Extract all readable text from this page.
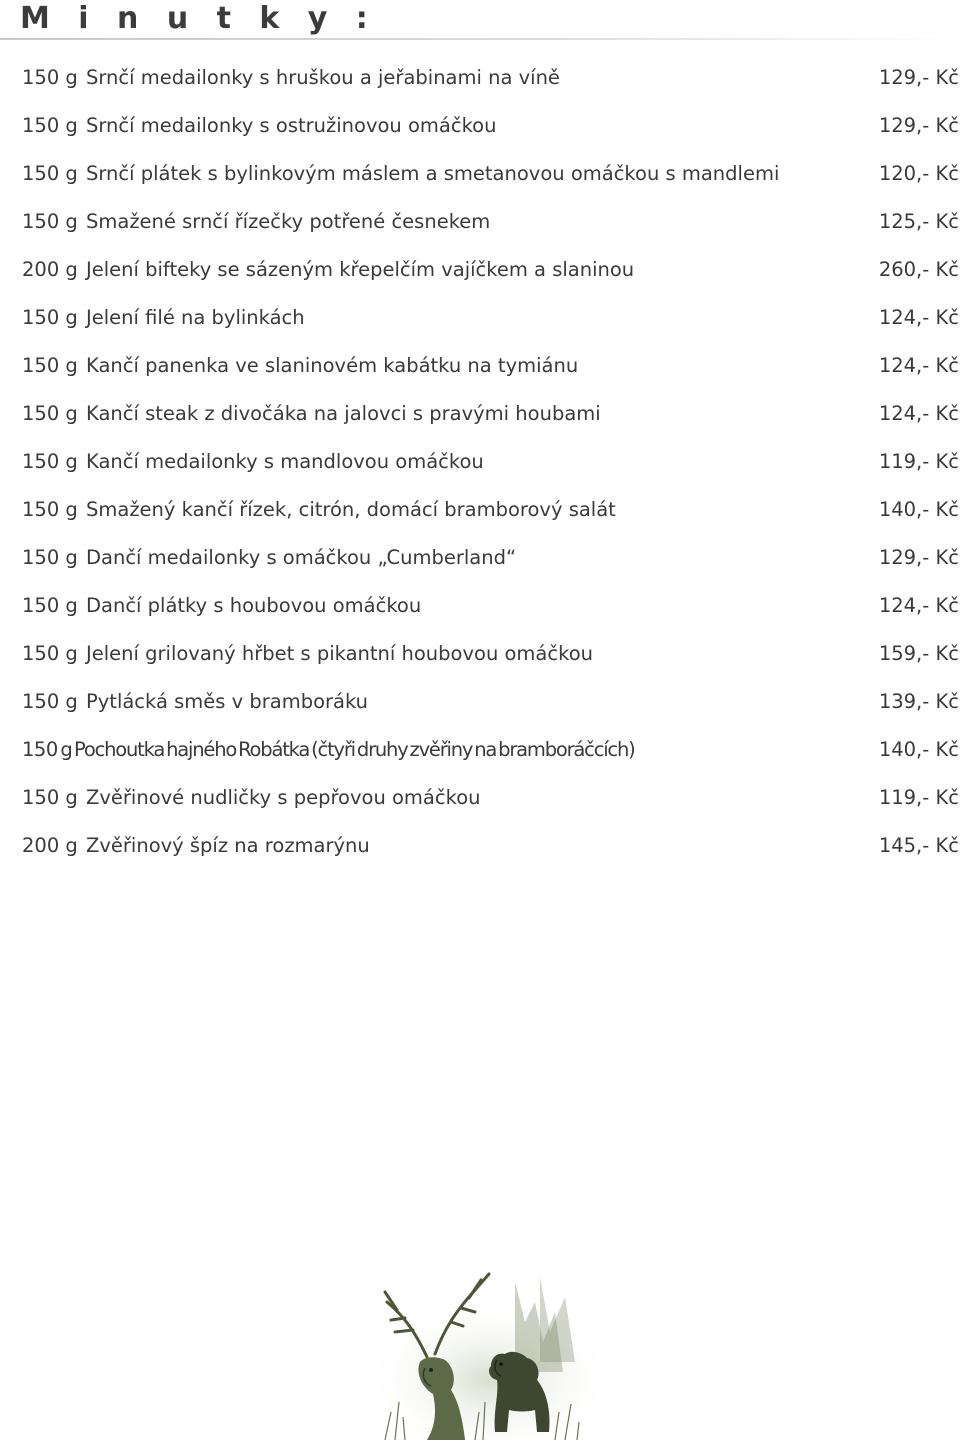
M i n u t k y :
150 g Srnčí medailonky s hruškou a jeřabinami na víně	129,- Kč
150 g Srnčí medailonky s ostružinovou omáčkou	129,- Kč
150 g Srnčí plátek s bylinkovým máslem a smetanovou omáčkou s mandlemi	120,- Kč
150 g Smažené srnčí řízečky potřené česnekem	125,- Kč
200 g Jelení bifteky se sázeným křepelčím vajíčkem a slaninou	260,- Kč
150 g Jelení filé na bylinkách	124,- Kč
150 g Kančí panenka ve slaninovém kabátku na tymiánu	124,- Kč
150 g Kančí steak z divočáka na jalovci s pravými houbami	124,- Kč
150 g Kančí medailonky s mandlovou omáčkou	119,- Kč
150 g Smažený kančí řízek, citrón, domácí bramborový salát	140,- Kč
150 g Dančí medailonky s omáčkou „Cumberland“	129,- Kč
150 g Dančí plátky s houbovou omáčkou	124,- Kč
150 g Jelení grilovaný hřbet s pikantní houbovou omáčkou	159,- Kč
150 g Pytlácká směs v bramboráku	139,- Kč
150 gPochoutka hajného Robátka (čtyři druhy zvěřiny na bramboráčcích)	140,- Kč
150 g Zvěřinové nudličky s pepřovou omáčkou	119,- Kč
200 g Zvěřinový špíz na rozmarýnu	145,- Kč
